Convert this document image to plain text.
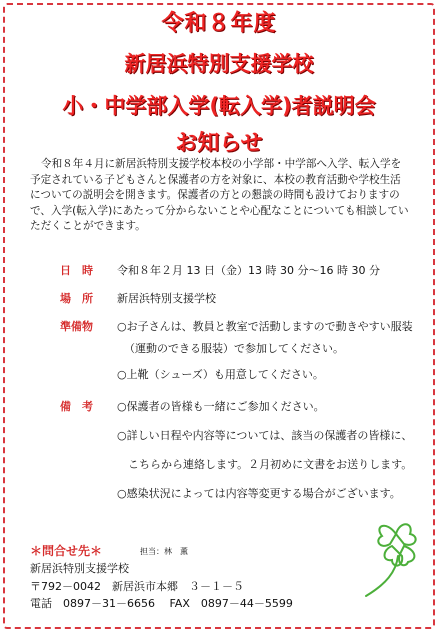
令和８年度
新居浜特別支援学校
小・中学部入学(転入学)者説明会
お知らせ

令和８年４月に新居浜特別支援学校本校の小学部・中学部へ入学、転入学を

予定されている子どもさんと保護者の方を対象に、本校の教育活動や学校生活

についての説明会を開きます。保護者の方との懇談の時間も設けておりますの

で、入学(転入学)にあたって分からないことや心配なことについても相談してい

ただくことができます。

日　時	令和８年２月 13 日（金）13 時 30 分～16 時 30 分
場　所	新居浜特別支援学校
準備物	○お子さんは、教員と教室で活動しますので動きやすい服装
（運動のできる服装）で参加してください。
○上靴（シューズ）も用意してください。
備　考	○保護者の皆様も一緒にご参加ください。
○詳しい日程や内容等については、該当の保護者の皆様に、
こちらから連絡します。２月初めに文書をお送りします。
○感染状況によっては内容等変更する場合がございます。
＊問合せ先＊	担当：林　薫
新居浜特別支援学校
〒792－0042　新居浜市本郷　３－１－５
電話　0897－31－6656　 FAX　0897－44－5599
